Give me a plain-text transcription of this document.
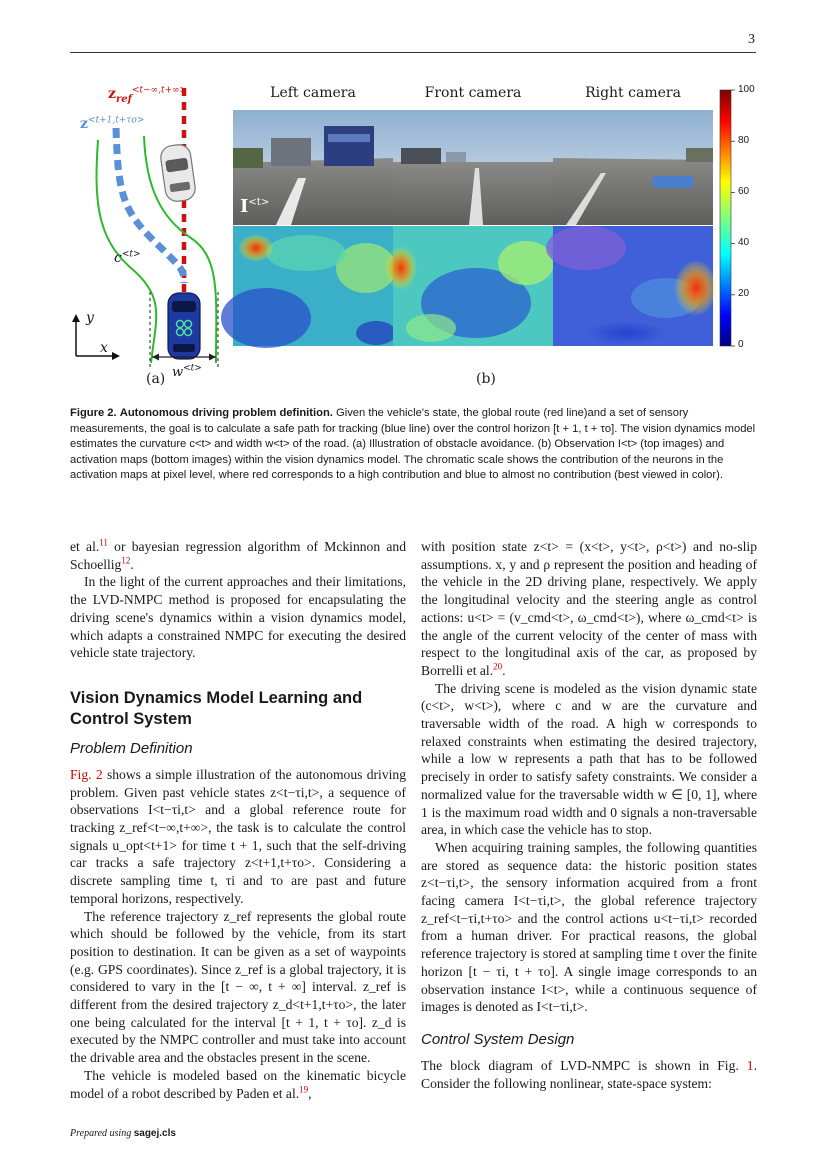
3
$z_{ref}^{<t-\infty,t+\infty>}$
$z^{<t+1,t+\tau o>}$
$c^{<t>}$
$w^{<t>}$
y
x
(a)
Left camera	Front camera	Right camera
$I^{<t>}$
(b)
100
80
60
40
20
0
Figure 2. Autonomous driving problem definition. Given the vehicle's state, the global route (red line)and a set of sensory measurements, the goal is to calculate a safe path for tracking (blue line) over the control horizon [t + 1, t + τo]. The vision dynamics model estimates the curvature c<t> and width w<t> of the road. (a) Illustration of obstacle avoidance. (b) Observation I<t> (top images) and activation maps (bottom images) within the vision dynamics model. The chromatic scale shows the contribution of the neurons in the activation maps at pixel level, where red corresponds to a high contribution and blue to almost no contribution (best viewed in color).

et al.$^{11}$ or bayesian regression algorithm of Mckinnon and Schoellig$^{12}$.

In the light of the current approaches and their limitations, the LVD-NMPC method is proposed for encapsulating the driving scene's dynamics within a vision dynamics model, which adapts a constrained NMPC for executing the desired vehicle state trajectory.

Vision Dynamics Model Learning and Control System
Problem Definition

Fig. 2 shows a simple illustration of the autonomous driving problem. Given past vehicle states z<t−τi,t>, a sequence of observations I<t−τi,t> and a global reference route for tracking z_ref<t−∞,t+∞>, the task is to calculate the control signals u_opt<t+1> for time t + 1, such that the self-driving car tracks a safe trajectory z<t+1,t+τo>. Considering a discrete sampling time t, τi and τo are past and future temporal horizons, respectively.

The reference trajectory z_ref represents the global route which should be followed by the vehicle, from its start position to destination. It can be given as a set of waypoints (e.g. GPS coordinates). Since z_ref is a global trajectory, it is considered to vary in the [t − ∞, t + ∞] interval. z_ref is different from the desired trajectory z_d<t+1,t+τo>, the later one being calculated for the interval [t + 1, t + τo]. z_d is executed by the NMPC controller and must take into account the drivable area and the obstacles present in the scene.

The vehicle is modeled based on the kinematic bicycle model of a robot described by Paden et al.$^{19}$,

with position state z<t> = (x<t>, y<t>, ρ<t>) and no-slip assumptions. x, y and ρ represent the position and heading of the vehicle in the 2D driving plane, respectively. We apply the longitudinal velocity and the steering angle as control actions: u<t> = (v_cmd<t>, ω_cmd<t>), where ω_cmd<t> is the angle of the current velocity of the center of mass with respect to the longitudinal axis of the car, as proposed by Borrelli et al.$^{20}$.

The driving scene is modeled as the vision dynamic state (c<t>, w<t>), where c and w are the curvature and traversable width of the road. A high w corresponds to relaxed constraints when estimating the desired trajectory, while a low w represents a path that has to be followed precisely in order to satisfy safety constraints. We consider a normalized value for the traversable width w ∈ [0, 1], where 1 is the maximum road width and 0 signals a non-traversable area, in which case the vehicle has to stop.

When acquiring training samples, the following quantities are stored as sequence data: the historic position states z<t−τi,t>, the sensory information acquired from a front facing camera I<t−τi,t>, the global reference trajectory z_ref<t−τi,t+τo> and the control actions u<t−τi,t> recorded from a human driver. For practical reasons, the global reference trajectory is stored at sampling time t over the finite horizon [t − τi, t + τo]. A single image corresponds to an observation instance I<t>, while a continuous sequence of images is denoted as I<t−τi,t>.

Control System Design

The block diagram of LVD-NMPC is shown in Fig. 1. Consider the following nonlinear, state-space system:

Prepared using sagej.cls
